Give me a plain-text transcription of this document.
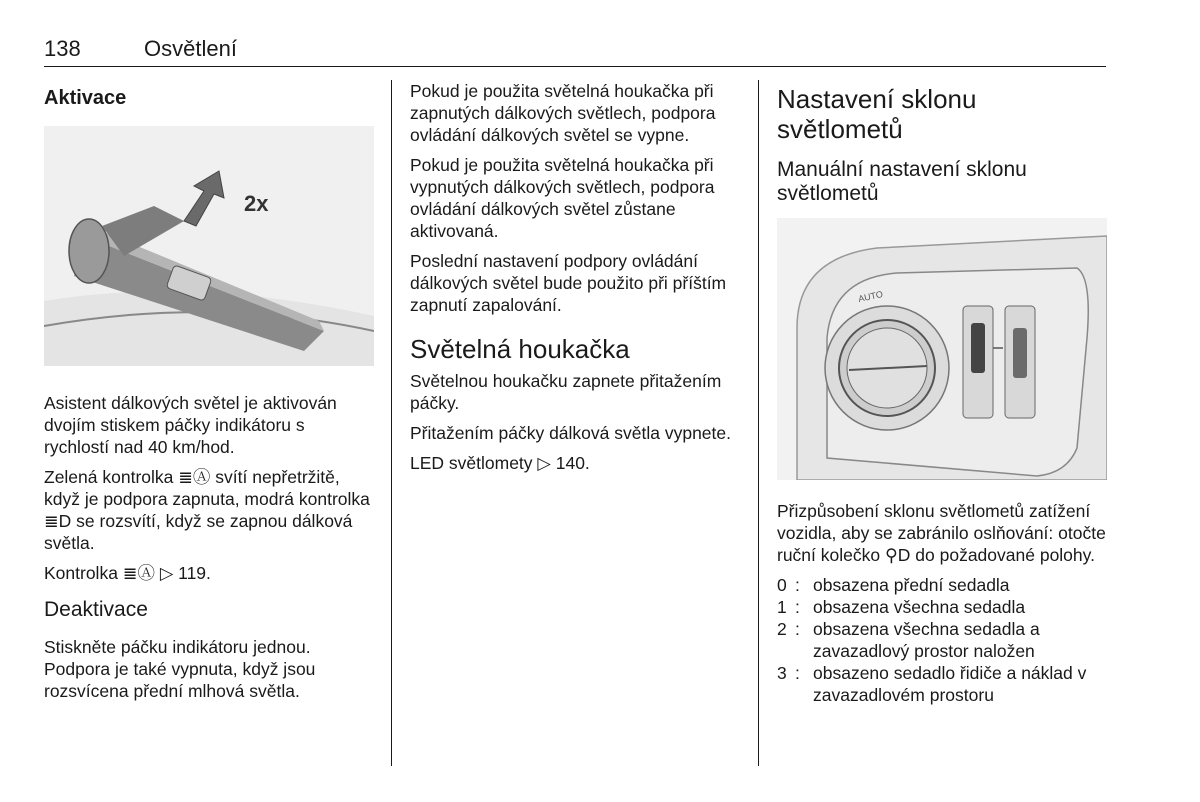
138	Osvětlení
Aktivace
2x

Asistent dálkových světel je aktivován dvojím stiskem páčky indikátoru s rychlostí nad 40 km/hod.

Zelená kontrolka ≣Ⓐ svítí nepřetržitě, když je podpora zapnuta, modrá kontrolka ≣D se rozsvítí, když se zapnou dálková světla.

Kontrolka ≣Ⓐ ▷ 119.

Deaktivace

Stiskněte páčku indikátoru jednou. Podpora je také vypnuta, když jsou rozsvícena přední mlhová světla.

Pokud je použita světelná houkačka při zapnutých dálkových světlech, podpora ovládání dálkových světel se vypne.

Pokud je použita světelná houkačka při vypnutých dálkových světlech, podpora ovládání dálkových světel zůstane aktivovaná.

Poslední nastavení podpory ovládání dálkových světel bude použito při příštím zapnutí zapalování.

Světelná houkačka

Světelnou houkačku zapnete přitažením páčky.

Přitažením páčky dálková světla vypnete.

LED světlomety ▷ 140.

Nastavení sklonu světlometů
Manuální nastavení sklonu světlometů
AUTO

Přizpůsobení sklonu světlometů zatížení vozidla, aby se zabránilo oslňování: otočte ruční kolečko ⚲D do požadované polohy.

0 : obsazena přední sedadla
1 : obsazena všechna sedadla
2 : obsazena všechna sedadla a zavazadlový prostor naložen
3 : obsazeno sedadlo řidiče a náklad v zavazadlovém prostoru
